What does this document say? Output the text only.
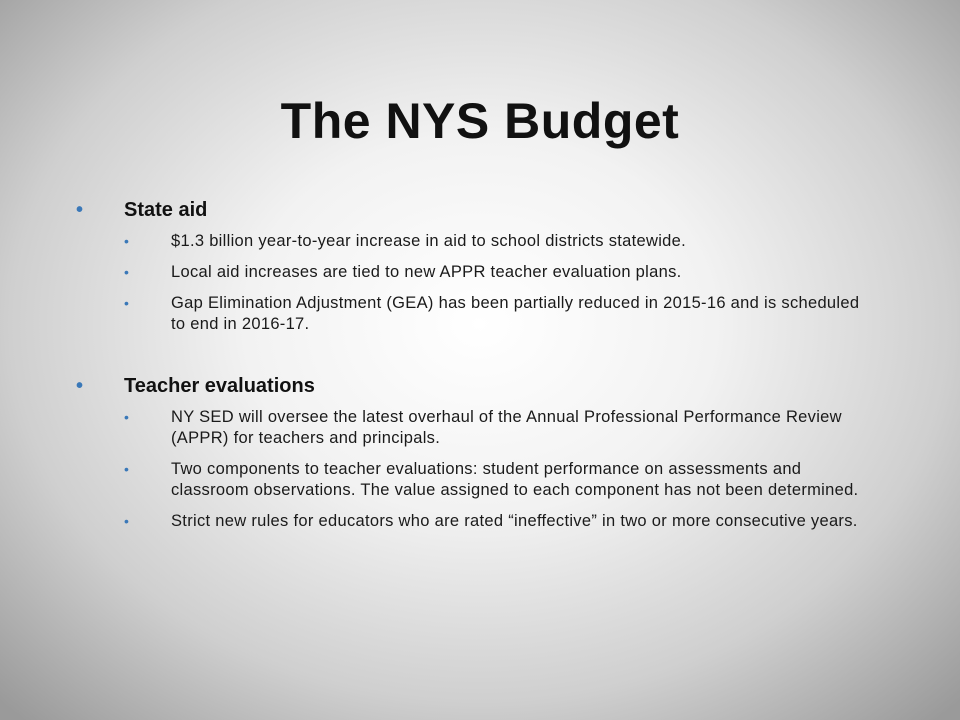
The NYS Budget
• State aid
•	$1.3 billion year-to-year increase in aid to school districts statewide.
•	Local aid increases are tied to new APPR teacher evaluation plans.
•	Gap Elimination Adjustment (GEA) has been partially reduced in 2015-16 and is scheduled to end in 2016-17.
• Teacher evaluations
•	NY SED will oversee the latest overhaul of the Annual Professional Performance Review (APPR) for teachers and principals.
•	Two components to teacher evaluations: student performance on assessments and classroom observations. The value assigned to each component has not been determined.
•	Strict new rules for educators who are rated “ineffective” in two or more consecutive years.
